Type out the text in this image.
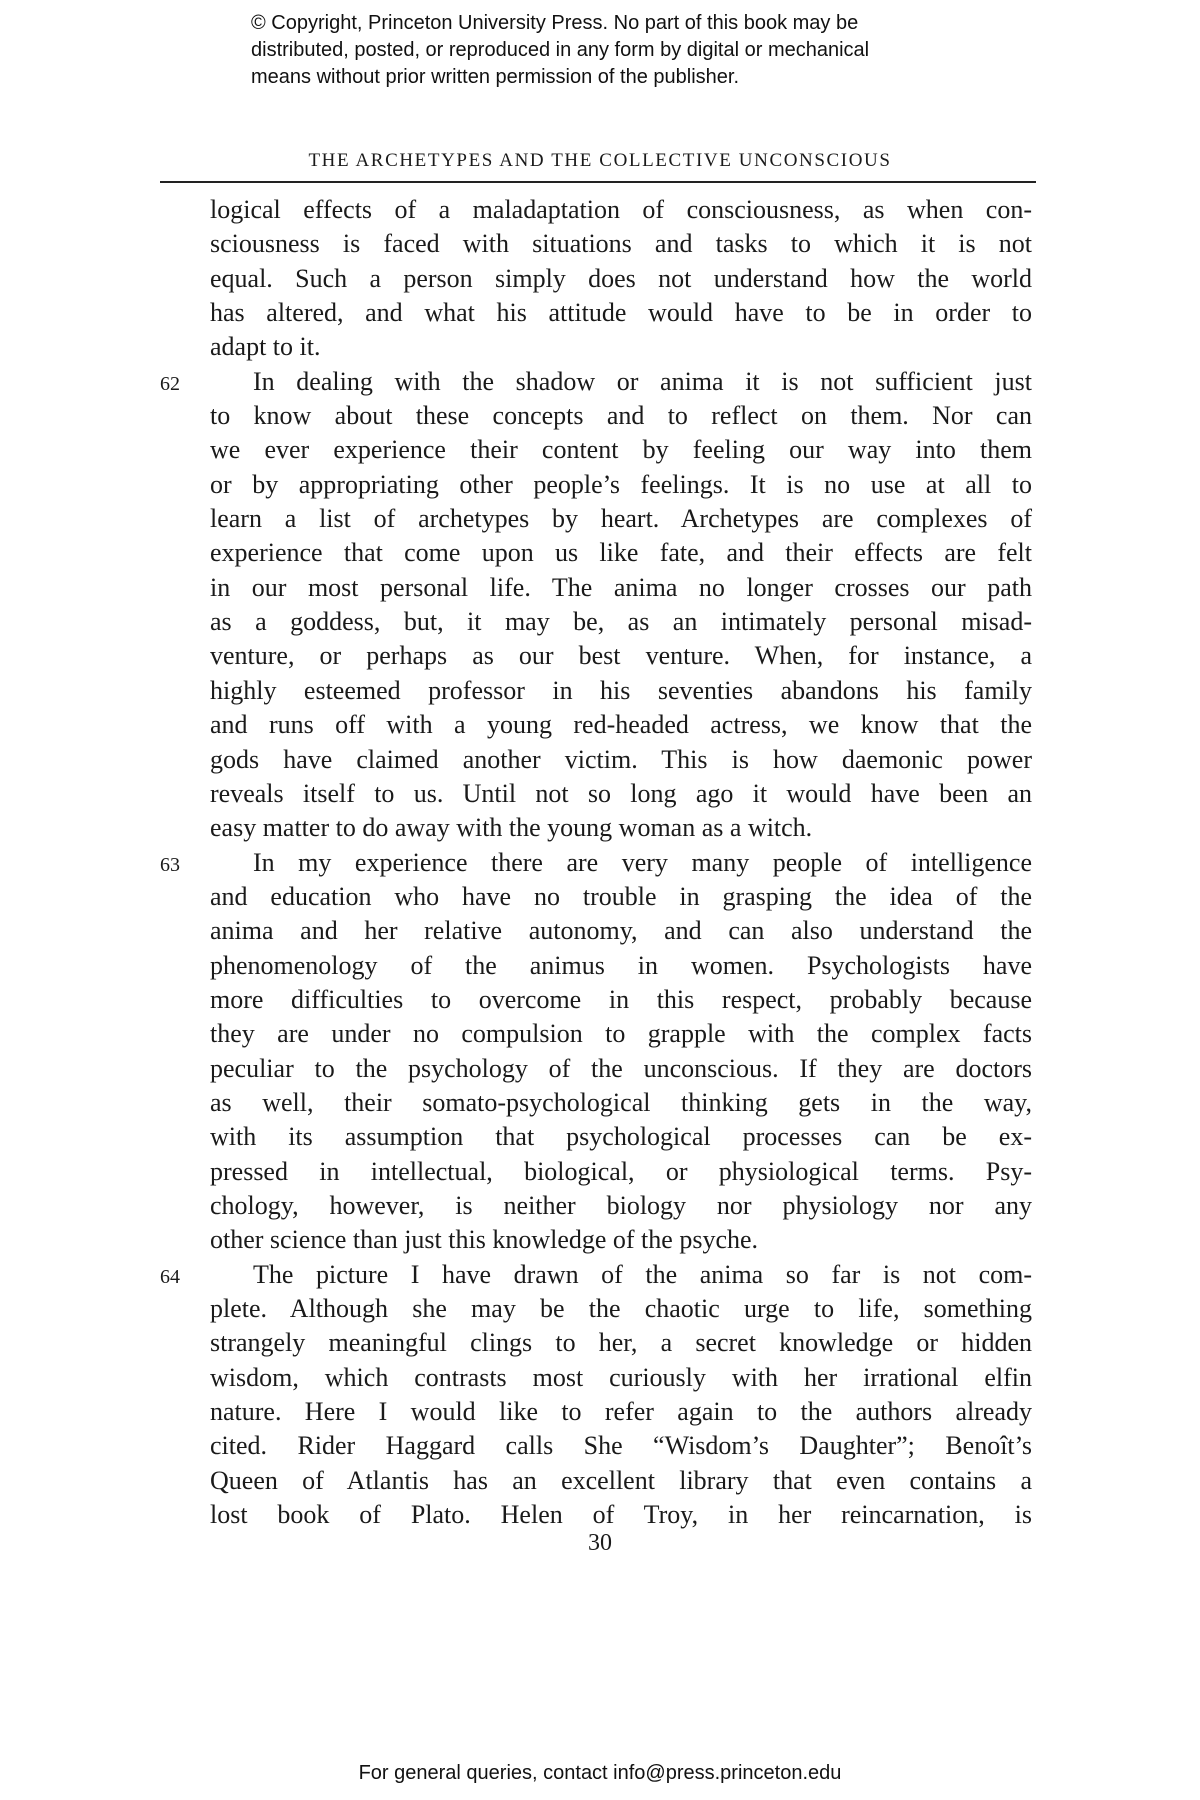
© Copyright, Princeton University Press. No part of this book may be
distributed, posted, or reproduced in any form by digital or mechanical
means without prior written permission of the publisher.
THE ARCHETYPES AND THE COLLECTIVE UNCONSCIOUS
logical effects of a maladaptation of consciousness, as when con-
sciousness is faced with situations and tasks to which it is not
equal. Such a person simply does not understand how the world
has altered, and what his attitude would have to be in order to
adapt to it.
62	In dealing with the shadow or anima it is not sufficient just
to know about these concepts and to reflect on them. Nor can
we ever experience their content by feeling our way into them
or by appropriating other people’s feelings. It is no use at all to
learn a list of archetypes by heart. Archetypes are complexes of
experience that come upon us like fate, and their effects are felt
in our most personal life. The anima no longer crosses our path
as a goddess, but, it may be, as an intimately personal misad-
venture, or perhaps as our best venture. When, for instance, a
highly esteemed professor in his seventies abandons his family
and runs off with a young red-headed actress, we know that the
gods have claimed another victim. This is how daemonic power
reveals itself to us. Until not so long ago it would have been an
easy matter to do away with the young woman as a witch.
63	In my experience there are very many people of intelligence
and education who have no trouble in grasping the idea of the
anima and her relative autonomy, and can also understand the
phenomenology of the animus in women. Psychologists have
more difficulties to overcome in this respect, probably because
they are under no compulsion to grapple with the complex facts
peculiar to the psychology of the unconscious. If they are doctors
as well, their somato-psychological thinking gets in the way,
with its assumption that psychological processes can be ex-
pressed in intellectual, biological, or physiological terms. Psy-
chology, however, is neither biology nor physiology nor any
other science than just this knowledge of the psyche.
64	The picture I have drawn of the anima so far is not com-
plete. Although she may be the chaotic urge to life, something
strangely meaningful clings to her, a secret knowledge or hidden
wisdom, which contrasts most curiously with her irrational elfin
nature. Here I would like to refer again to the authors already
cited. Rider Haggard calls She “Wisdom’s Daughter”; Benoît’s
Queen of Atlantis has an excellent library that even contains a
lost book of Plato. Helen of Troy, in her reincarnation, is
30
For general queries, contact info@press.princeton.edu
